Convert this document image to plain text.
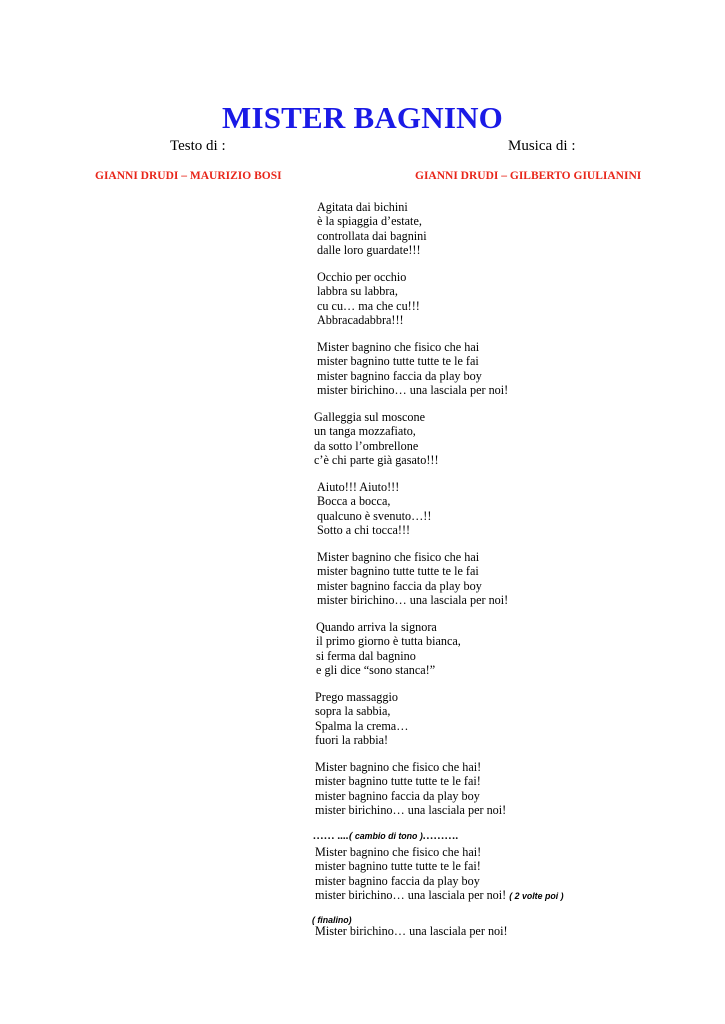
MISTER BAGNINO
Testo di :	Musica di :
GIANNI DRUDI – MAURIZIO BOSI	GIANNI DRUDI – GILBERTO GIULIANINI
Agitata dai bichini
è la spiaggia d’estate,
controllata dai bagnini
dalle loro guardate!!!
Occhio per occhio
labbra su labbra,
cu cu… ma che cu!!!
Abbracadabbra!!!
Mister bagnino che fisico che hai
mister bagnino tutte tutte te le fai
mister bagnino faccia da play boy
mister birichino… una lasciala per noi!
Galleggia sul moscone
un tanga mozzafiato,
da sotto l’ombrellone
c’è chi parte già gasato!!!
Aiuto!!! Aiuto!!!
Bocca a bocca,
qualcuno è svenuto…!!
Sotto a chi tocca!!!
Mister bagnino che fisico che hai
mister bagnino tutte tutte te le fai
mister bagnino faccia da play boy
mister birichino… una lasciala per noi!
Quando arriva la signora
il primo giorno è tutta bianca,
si ferma dal bagnino
e gli dice “sono stanca!”
Prego massaggio
sopra la sabbia,
Spalma la crema…
fuori la rabbia!
Mister bagnino che fisico che hai!
mister bagnino tutte tutte te le fai!
mister bagnino faccia da play boy
mister birichino… una lasciala per noi!
…… ....( cambio di tono )……….
Mister bagnino che fisico che hai!
mister bagnino tutte tutte te le fai!
mister bagnino faccia da play boy
mister birichino… una lasciala per noi! ( 2 volte poi )
( finalino)
Mister birichino… una lasciala per noi!
